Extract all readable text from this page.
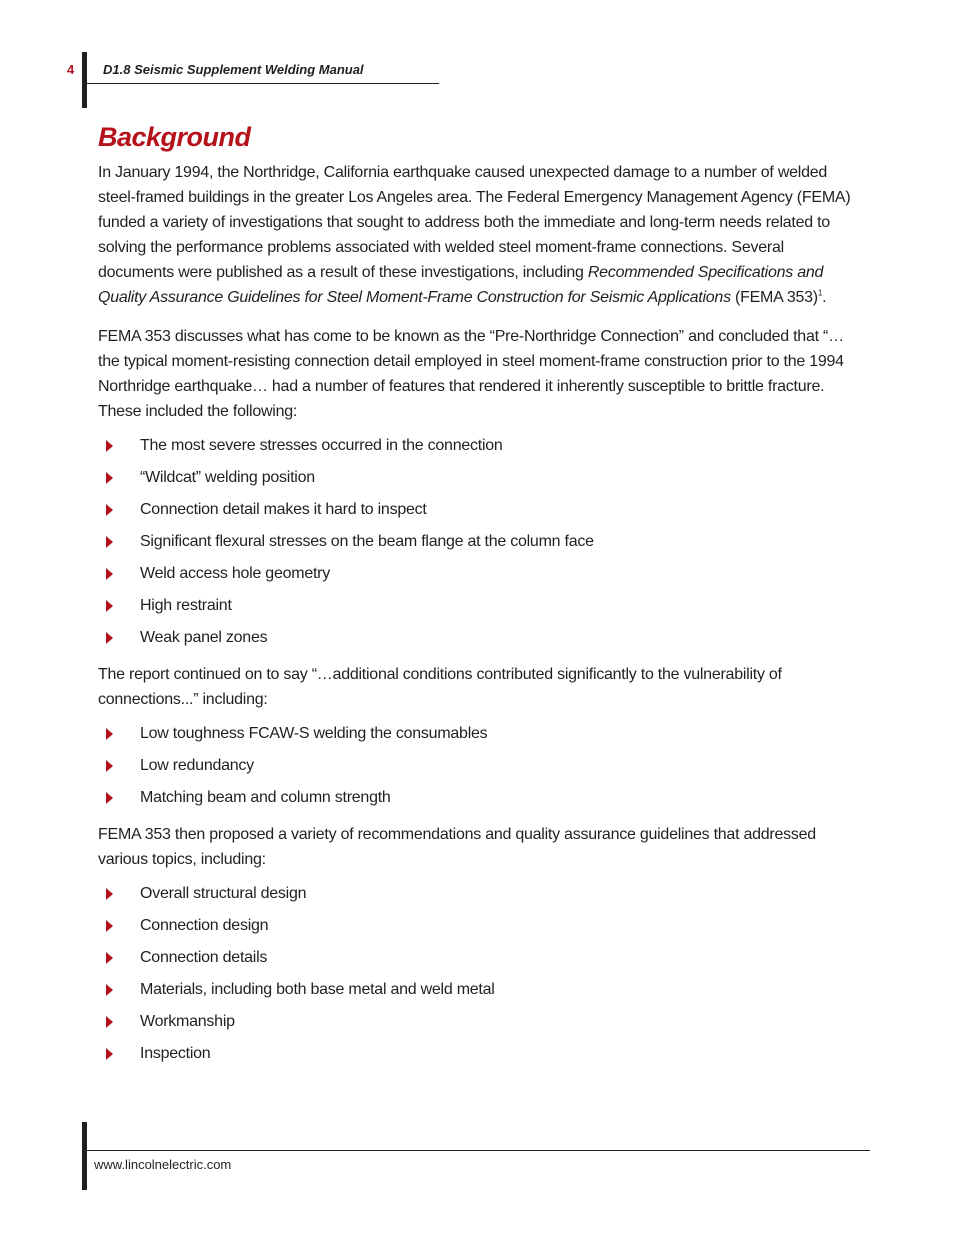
4 D1.8 Seismic Supplement Welding Manual
Background

In January 1994, the Northridge, California earthquake caused unexpected damage to a number of welded steel-framed buildings in the greater Los Angeles area. The Federal Emergency Management Agency (FEMA) funded a variety of investigations that sought to address both the immediate and long-term needs related to solving the performance problems associated with welded steel moment-frame connections. Several documents were published as a result of these investigations, including Recommended Specifications and Quality Assurance Guidelines for Steel Moment-Frame Construction for Seismic Applications (FEMA 353)$^1$.

FEMA 353 discusses what has come to be known as the “Pre-Northridge Connection” and concluded that “…the typical moment-resisting connection detail employed in steel moment-frame construction prior to the 1994 Northridge earthquake… had a number of features that rendered it inherently susceptible to brittle fracture. These included the following:

The most severe stresses occurred in the connection
“Wildcat” welding position
Connection detail makes it hard to inspect
Significant flexural stresses on the beam flange at the column face
Weld access hole geometry
High restraint
Weak panel zones

The report continued on to say “…additional conditions contributed significantly to the vulnerability of connections...” including:

Low toughness FCAW-S welding the consumables
Low redundancy
Matching beam and column strength

FEMA 353 then proposed a variety of recommendations and quality assurance guidelines that addressed various topics, including:

Overall structural design
Connection design
Connection details
Materials, including both base metal and weld metal
Workmanship
Inspection
www.lincolnelectric.com
